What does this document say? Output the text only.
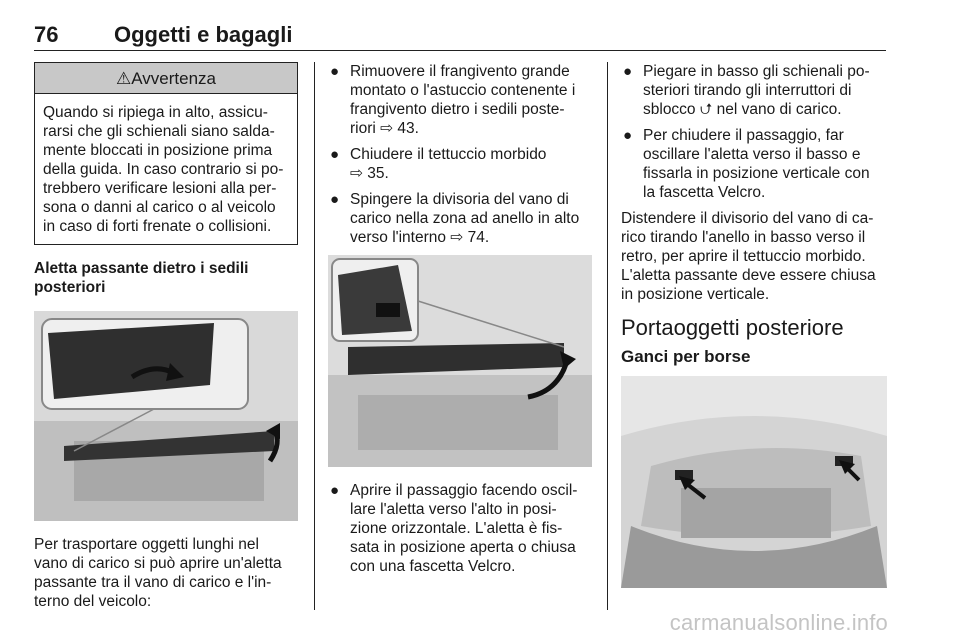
76	Oggetti e bagagli
⚠Avvertenza
Quando si ripiega in alto, assicu-
rarsi che gli schienali siano salda-
mente bloccati in posizione prima
della guida. In caso contrario si po-
trebbero verificare lesioni alla per-
sona o danni al carico o al veicolo
in caso di forti frenate o collisioni.
Aletta passante dietro i sedili
posteriori
Per trasportare oggetti lunghi nel
vano di carico si può aprire un'aletta
passante tra il vano di carico e l'in-
terno del veicolo:
● Rimuovere il frangivento grande
montato o l'astuccio contenente i
frangivento dietro i sedili poste-
riori ⇨ 43.
● Chiudere il tettuccio morbido
⇨ 35.
● Spingere la divisoria del vano di
carico nella zona ad anello in alto
verso l'interno ⇨ 74.
● Aprire il passaggio facendo oscil-
lare l'aletta verso l'alto in posi-
zione orizzontale. L'aletta è fis-
sata in posizione aperta o chiusa
con una fascetta Velcro.
● Piegare in basso gli schienali po-
steriori tirando gli interruttori di
sblocco ⮍ nel vano di carico.
● Per chiudere il passaggio, far
oscillare l'aletta verso il basso e
fissarla in posizione verticale con
la fascetta Velcro.
Distendere il divisorio del vano di ca-
rico tirando l'anello in basso verso il
retro, per aprire il tettuccio morbido.
L'aletta passante deve essere chiusa
in posizione verticale.
Portaoggetti posteriore
Ganci per borse
carmanualsonline.info
